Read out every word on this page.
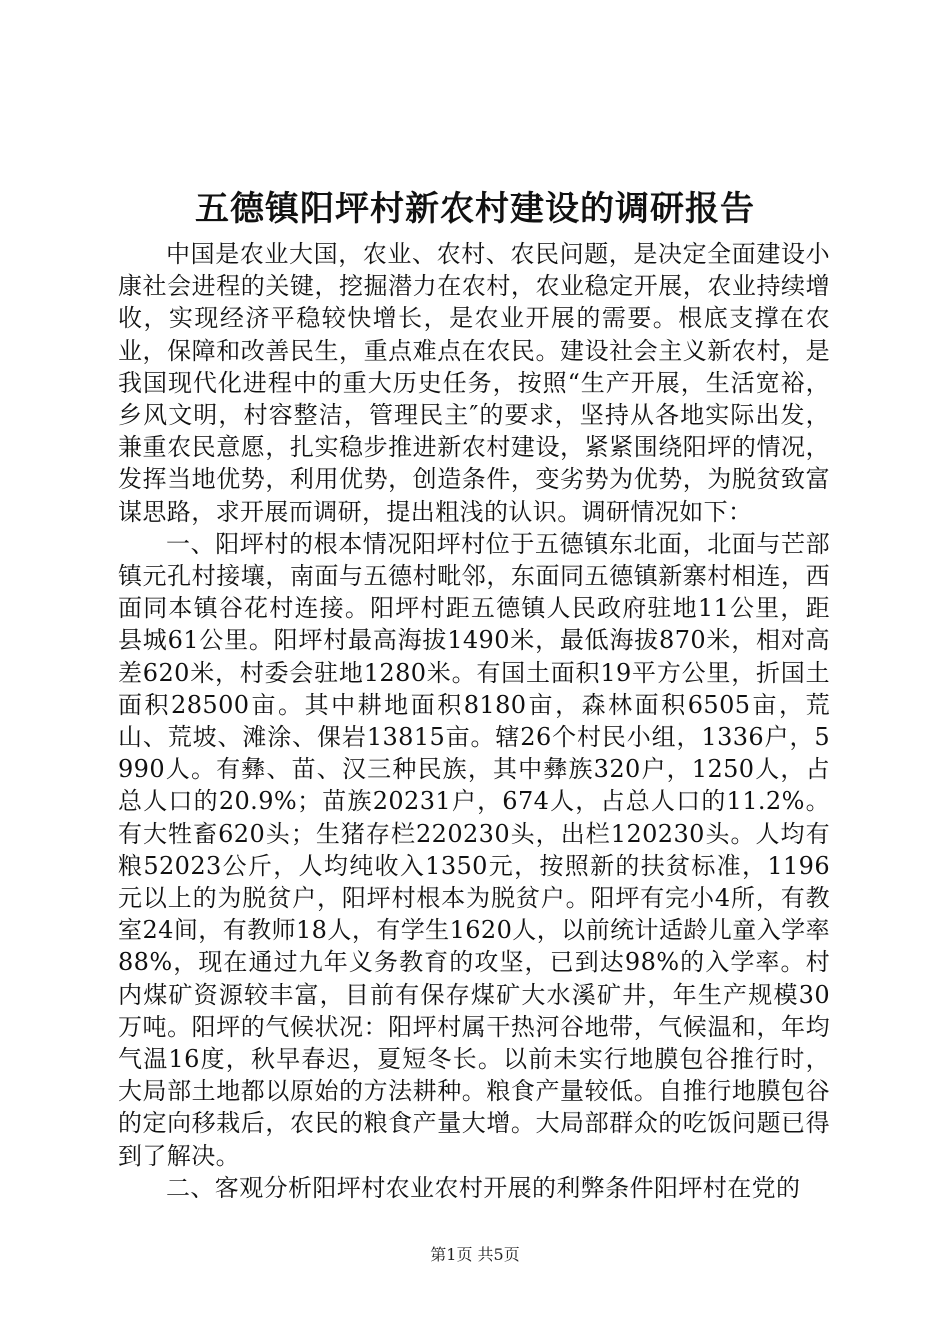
五德镇阳坪村新农村建设的调研报告

中国是农业大国，农业、农村、农民问题，是决定全面建设小康社会进程的关键，挖掘潜力在农村，农业稳定开展，农业持续增收，实现经济平稳较快增长，是农业开展的需要。根底支撑在农业，保障和改善民生，重点难点在农民。建设社会主义新农村，是我国现代化进程中的重大历史任务，按照“生产开展，生活宽裕，乡风文明，村容整洁，管理民主″的要求，坚持从各地实际出发，兼重农民意愿，扎实稳步推进新农村建设，紧紧围绕阳坪的情况，发挥当地优势，利用优势，创造条件，变劣势为优势，为脱贫致富谋思路，求开展而调研，提出粗浅的认识。调研情况如下：

一、阳坪村的根本情况阳坪村位于五德镇东北面，北面与芒部镇元孔村接壤，南面与五德村毗邻，东面同五德镇新寨村相连，西面同本镇谷花村连接。阳坪村距五德镇人民政府驻地11公里，距县城61公里。阳坪村最高海拔1490米，最低海拔870米，相对高差620米，村委会驻地1280米。有国土面积19平方公里，折国土面积28500亩。其中耕地面积8180亩，森林面积6505亩，荒山、荒坡、滩涂、倮岩13815亩。辖26个村民小组，1336户，5990人。有彝、苗、汉三种民族，其中彝族320户，1250人，占总人口的20.9%；苗族20231户，674人，占总人口的11.2%。有大牲畜620头；生猪存栏220230头，出栏120230头。人均有粮52023公斤，人均纯收入1350元，按照新的扶贫标准，1196元以上的为脱贫户，阳坪村根本为脱贫户。阳坪有完小4所，有教室24间，有教师18人，有学生1620人，以前统计适龄儿童入学率88%，现在通过九年义务教育的攻坚，已到达98%的入学率。村内煤矿资源较丰富，目前有保存煤矿大水溪矿井，年生产规模30万吨。阳坪的气候状况：阳坪村属干热河谷地带，气候温和，年均气温16度，秋早春迟，夏短冬长。以前未实行地膜包谷推行时，大局部土地都以原始的方法耕种。粮食产量较低。自推行地膜包谷的定向移栽后，农民的粮食产量大增。大局部群众的吃饭问题已得到了解决。

二、客观分析阳坪村农业农村开展的利弊条件阳坪村在党的

第1页 共5页
